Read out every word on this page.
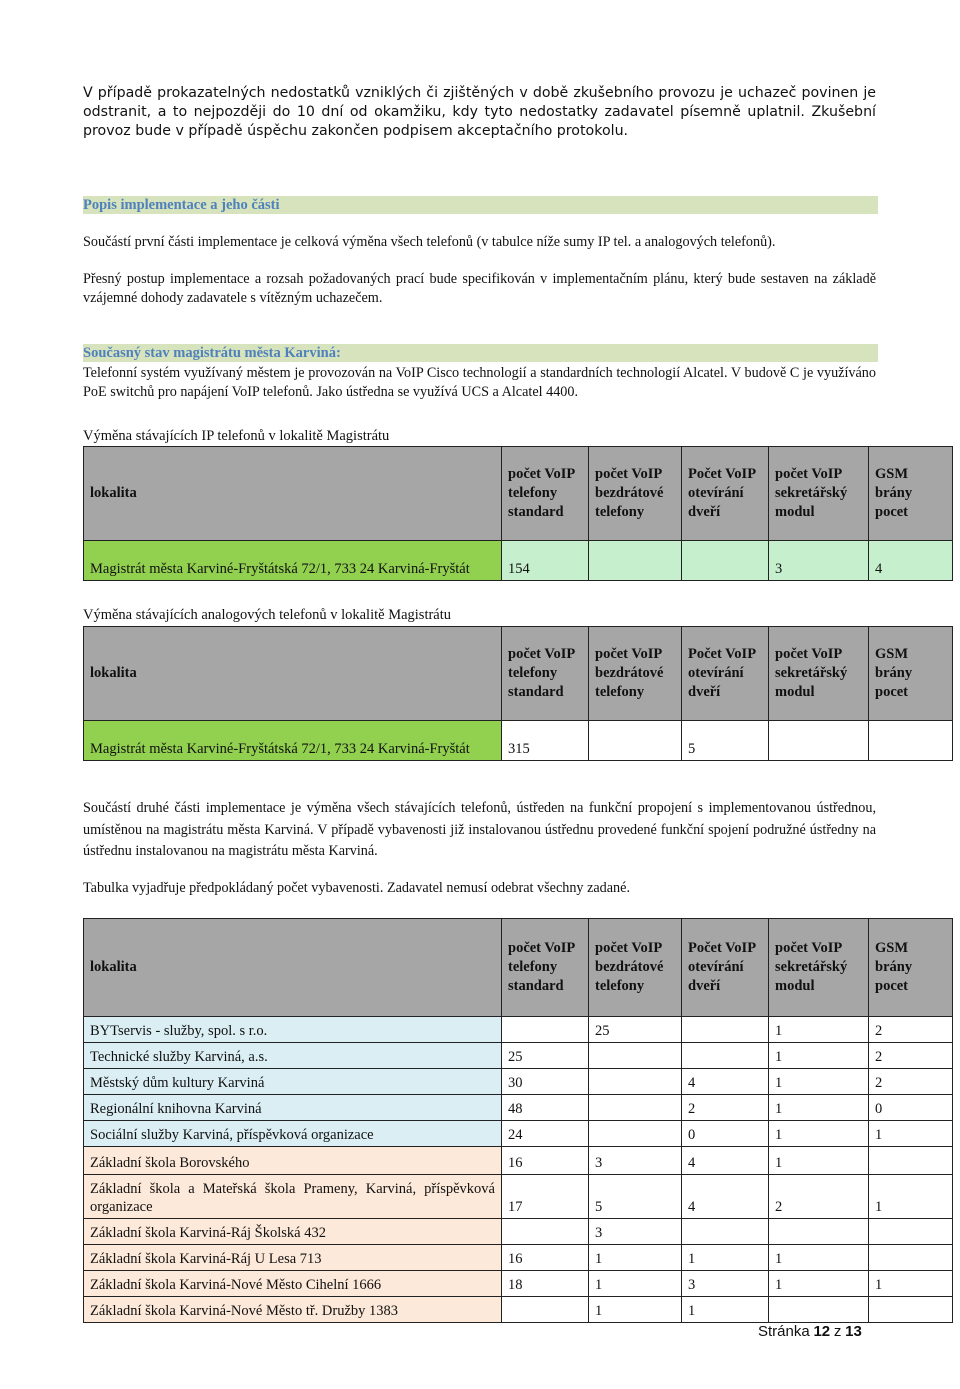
V případě prokazatelných nedostatků vzniklých či zjištěných v době zkušebního provozu je uchazeč povinen je odstranit, a to nejpozději do 10 dní od okamžiku, kdy tyto nedostatky zadavatel písemně uplatnil. Zkušební provoz bude v případě úspěchu zakončen podpisem akceptačního protokolu.
Popis implementace a jeho části
Součástí první části implementace je celková výměna všech telefonů (v tabulce níže sumy IP tel. a analogových telefonů).
Přesný postup implementace a rozsah požadovaných prací bude specifikován v implementačním plánu, který bude sestaven na základě vzájemné dohody zadavatele s vítězným uchazečem.
Současný stav magistrátu města Karviná:
Telefonní systém využívaný městem je provozován na VoIP Cisco technologií a standardních technologií Alcatel. V budově C je využíváno PoE switchů pro napájení VoIP telefonů. Jako ústředna se využívá UCS a Alcatel 4400.
Výměna stávajících IP telefonů v lokalitě Magistrátu
lokalita	počet VoIP telefony standard	počet VoIP bezdrátové telefony	Počet VoIP otevírání dveří	počet VoIP sekretářský modul	GSM brány pocet
Magistrát města Karviné-Fryštátská 72/1, 733 24 Karviná-Fryštát	154			3	4
Výměna stávajících analogových telefonů v lokalitě Magistrátu
lokalita	počet VoIP telefony standard	počet VoIP bezdrátové telefony	Počet VoIP otevírání dveří	počet VoIP sekretářský modul	GSM brány pocet
Magistrát města Karviné-Fryštátská 72/1, 733 24 Karviná-Fryštát	315		5		
Součástí druhé části implementace je výměna všech stávajících telefonů, ústředen na funkční propojení s implementovanou ústřednou, umístěnou na magistrátu města Karviná. V případě vybavenosti již instalovanou ústřednu provedené funkční spojení podružné ústředny na ústřednu instalovanou na magistrátu města Karviná.
Tabulka vyjadřuje předpokládaný počet vybavenosti. Zadavatel nemusí odebrat všechny zadané.
lokalita	počet VoIP telefony standard	počet VoIP bezdrátové telefony	Počet VoIP otevírání dveří	počet VoIP sekretářský modul	GSM brány pocet
BYTservis - služby, spol. s r.o.		25		1	2
Technické služby Karviná, a.s.	25			1	2
Městský dům kultury Karviná	30		4	1	2
Regionální knihovna Karviná	48		2	1	0
Sociální služby Karviná, příspěvková organizace	24		0	1	1
Základní škola Borovského	16	3	4	1	
Základní škola a Mateřská škola Prameny, Karviná, příspěvková organizace	17	5	4	2	1
Základní škola Karviná-Ráj Školská 432		3			
Základní škola Karviná-Ráj U Lesa 713	16	1	1	1	
Základní škola Karviná-Nové Město Cihelní 1666	18	1	3	1	1
Základní škola Karviná-Nové Město tř. Družby 1383		1	1		
Stránka 12 z 13
